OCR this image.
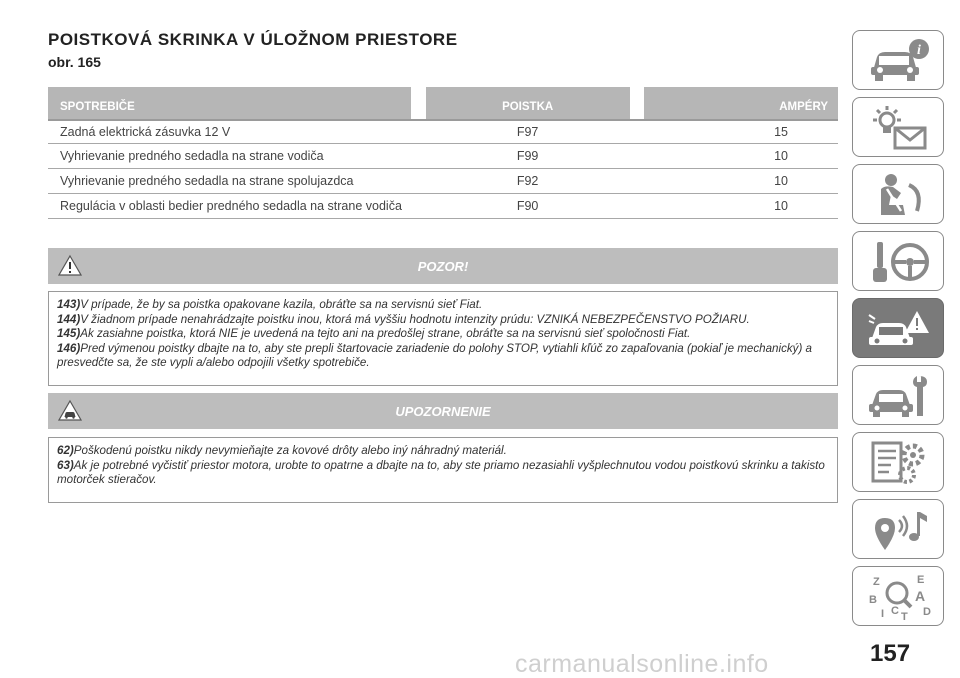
POISTKOVÁ SKRINKA V ÚLOŽNOM PRIESTORE
obr. 165
SPOTREBIČE		POISTKA		AMPÉRY
Zadná elektrická zásuvka 12 V		F97		15
Vyhrievanie predného sedadla na strane vodiča		F99		10
Vyhrievanie predného sedadla na strane spolujazdca		F92		10
Regulácia v oblasti bedier predného sedadla na strane vodiča		F90		10
POZOR!
143)V prípade, že by sa poistka opakovane kazila, obráťte sa na servisnú sieť Fiat.
144)V žiadnom prípade nenahrádzajte poistku inou, ktorá má vyššiu hodnotu intenzity prúdu: VZNIKÁ NEBEZPEČENSTVO POŽIARU.
145)Ak zasiahne poistka, ktorá NIE je uvedená na tejto ani na predošlej strane, obráťte sa na servisnú sieť spoločnosti Fiat.
146)Pred výmenou poistky dbajte na to, aby ste prepli štartovacie zariadenie do polohy STOP, vytiahli kľúč zo zapaľovania (pokiaľ je mechanický) a presvedčte sa, že ste vypli a/alebo odpojili všetky spotrebiče.
UPOZORNENIE
62)Poškodenú poistku nikdy nevymieňajte za kovové drôty alebo iný náhradný materiál.
63)Ak je potrebné vyčistiť priestor motora, urobte to opatrne a dbajte na to, aby ste priamo nezasiahli vyšplechnutou vodou poistkovú skrinku a takisto motorček stieračov.
i
Z	E
B	A
D
I C T
carmanualsonline.info	157
